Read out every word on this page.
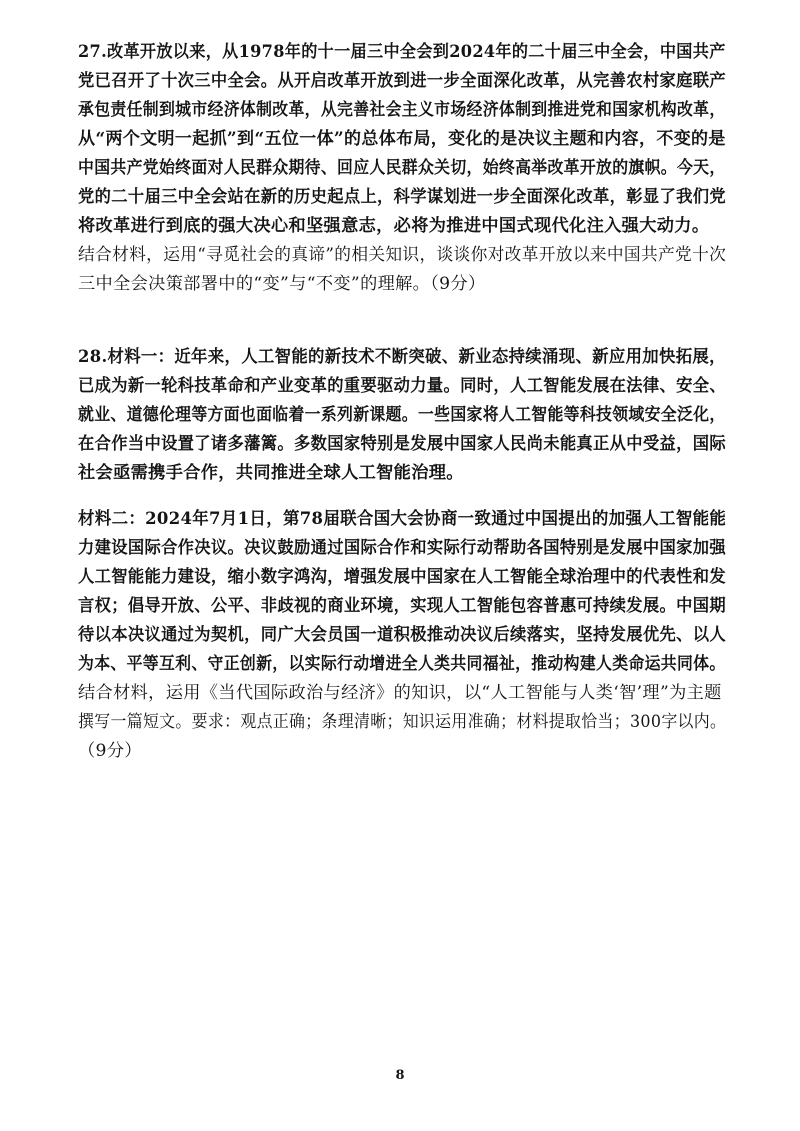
27.改革开放以来，从1978年的十一届三中全会到2024年的二十届三中全会，中国共产
党已召开了十次三中全会。从开启改革开放到进一步全面深化改革，从完善农村家庭联产
承包责任制到城市经济体制改革，从完善社会主义市场经济体制到推进党和国家机构改革，
从“两个文明一起抓”到“五位一体”的总体布局，变化的是决议主题和内容，不变的是
中国共产党始终面对人民群众期待、回应人民群众关切，始终高举改革开放的旗帜。今天，
党的二十届三中全会站在新的历史起点上，科学谋划进一步全面深化改革，彰显了我们党
将改革进行到底的强大决心和坚强意志，必将为推进中国式现代化注入强大动力。
结合材料，运用“寻觅社会的真谛”的相关知识，谈谈你对改革开放以来中国共产党十次
三中全会决策部署中的“变”与“不变”的理解。（9分）
28.材料一：近年来，人工智能的新技术不断突破、新业态持续涌现、新应用加快拓展，
已成为新一轮科技革命和产业变革的重要驱动力量。同时，人工智能发展在法律、安全、
就业、道德伦理等方面也面临着一系列新课题。一些国家将人工智能等科技领域安全泛化，
在合作当中设置了诸多藩篱。多数国家特别是发展中国家人民尚未能真正从中受益，国际
社会亟需携手合作，共同推进全球人工智能治理。
材料二：2024年7月1日，第78届联合国大会协商一致通过中国提出的加强人工智能能
力建设国际合作决议。决议鼓励通过国际合作和实际行动帮助各国特别是发展中国家加强
人工智能能力建设，缩小数字鸿沟，增强发展中国家在人工智能全球治理中的代表性和发
言权；倡导开放、公平、非歧视的商业环境，实现人工智能包容普惠可持续发展。中国期
待以本决议通过为契机，同广大会员国一道积极推动决议后续落实，坚持发展优先、以人
为本、平等互利、守正创新，以实际行动增进全人类共同福祉，推动构建人类命运共同体。
结合材料，运用《当代国际政治与经济》的知识，以“人工智能与人类‘智’理”为主题
撰写一篇短文。要求：观点正确；条理清晰；知识运用准确；材料提取恰当；300字以内。
（9分）
8
